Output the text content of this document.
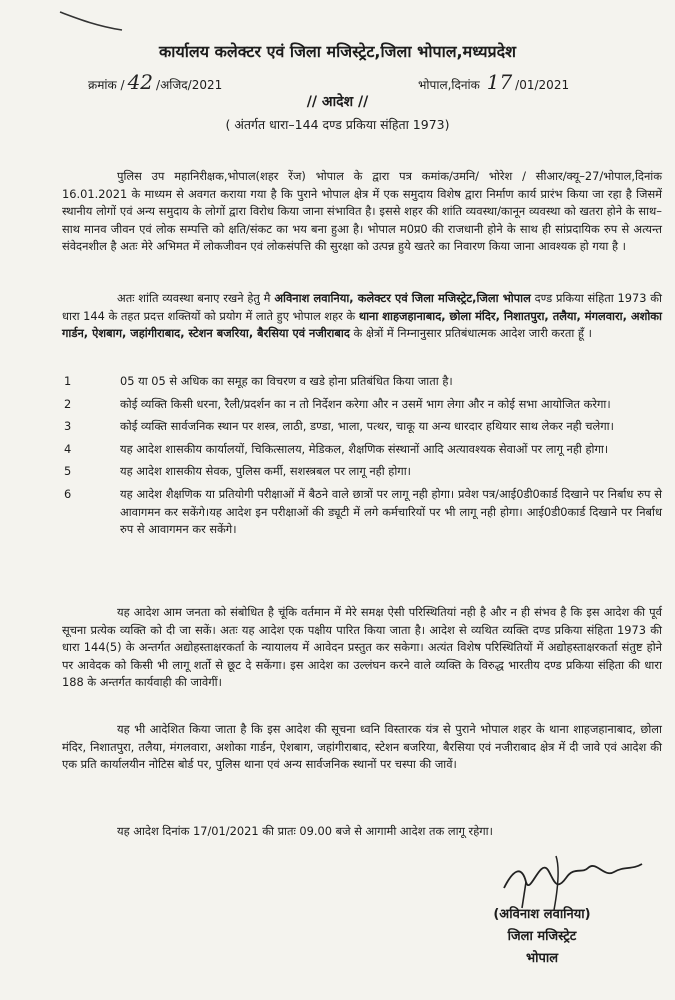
कार्यालय कलेक्टर एवं जिला मजिस्ट्रेट,जिला भोपाल,मध्यप्रदेश
क्रमांक / 42 /अजिद/2021	भोपाल,दिनांक 17 /01/2021
// आदेश //
( अंतर्गत धारा–144 दण्ड प्रकिया संहिता 1973)

पुलिस उप महानिरीक्षक,भोपाल(शहर रेंज) भोपाल के द्वारा पत्र कमांक/उमनि/ भोरेश / सीआर/क्यू–27/भोपाल,दिनांक 16.01.2021 के माध्यम से अवगत कराया गया है कि पुराने भोपाल क्षेत्र में एक समुदाय विशेष द्वारा निर्माण कार्य प्रारंभ किया जा रहा है जिसमें स्थानीय लोगों एवं अन्य समुदाय के लोगों द्वारा विरोध किया जाना संभावित है। इससे शहर की शांति व्यवस्था/कानून व्यवस्था को खतरा होने के साथ–साथ मानव जीवन एवं लोक सम्पत्ति को क्षति/संकट का भय बना हुआ है। भोपाल म0प्र0 की राजधानी होने के साथ ही सांप्रदायिक रुप से अत्यन्त संवेदनशील है अतः मेरे अभिमत में लोकजीवन एवं लोकसंपत्ति की सुरक्षा को उत्पन्न हुये खतरे का निवारण किया जाना आवश्यक हो गया है ।

अतः शांति व्यवस्था बनाए रखने हेतु मै अविनाश लवानिया, कलेक्टर एवं जिला मजिस्ट्रेट,जिला भोपाल दण्ड प्रकिया संहिता 1973 की धारा 144 के तहत प्रदत्त शक्तियों को प्रयोग में लाते हुए भोपाल शहर के थाना शाहजहानाबाद, छोला मंदिर, निशातपुरा, तलैया, मंगलवारा, अशोका गार्डन, ऐशबाग, जहांगीराबाद, स्टेशन बजरिया, बैरसिया एवं नजीराबाद के क्षेत्रों में निम्नानुसार प्रतिबंधात्मक आदेश जारी करता हूँ ।

1	05 या 05 से अधिक का समूह का विचरण व खडे होना प्रतिबंधित किया जाता है।
2	कोई व्यक्ति किसी धरना, रैली/प्रदर्शन का न तो निर्देशन करेगा और न उसमें भाग लेगा और न कोई सभा आयोजित करेगा।
3	कोई व्यक्ति सार्वजनिक स्थान पर शस्त्र, लाठी, डण्डा, भाला, पत्थर, चाकू या अन्य धारदार हथियार साथ लेकर नही चलेगा।
4	यह आदेश शासकीय कार्यालयों, चिकित्सालय, मेडिकल, शैक्षणिक संस्थानों आदि अत्यावश्यक सेवाओं पर लागू नही होगा।
5	यह आदेश शासकीय सेवक, पुलिस कर्मी, सशस्त्रबल पर लागू नही होगा।
6	यह आदेश शैक्षणिक या प्रतियोगी परीक्षाओं में बैठने वाले छात्रों पर लागू नही होगा। प्रवेश पत्र/आई0डी0कार्ड दिखाने पर निर्बाध रुप से आवागमन कर सकेंगे।यह आदेश इन परीक्षाओं की ड्यूटी में लगे कर्मचारियों पर भी लागू नही होगा। आई0डी0कार्ड दिखाने पर निर्बाध रुप से आवागमन कर सकेंगे।

यह आदेश आम जनता को संबोधित है चूंकि वर्तमान में मेरे समक्ष ऐसी परिस्थितियां नही है और न ही संभव है कि इस आदेश की पूर्व सूचना प्रत्येक व्यक्ति को दी जा सकें। अतः यह आदेश एक पक्षीय पारित किया जाता है। आदेश से व्यथित व्यक्ति दण्ड प्रकिया संहिता 1973 की धारा 144(5) के अन्तर्गत अद्योहस्ताक्षरकर्ता के न्यायालय में आवेदन प्रस्तुत कर सकेगा। अत्यंत विशेष परिस्थितियों में अद्योहस्ताक्षरकर्ता संतुष्ट होने पर आवेदक को किसी भी लागू शर्तो से छूट दे सकेंगा। इस आदेश का उल्लंघन करने वाले व्यक्ति के विरुद्ध भारतीय दण्ड प्रकिया संहिता की धारा 188 के अन्तर्गत कार्यवाही की जावेगीं।

यह भी आदेशित किया जाता है कि इस आदेश की सूचना ध्वनि विस्तारक यंत्र से पुराने भोपाल शहर के थाना शाहजहानाबाद, छोला मंदिर, निशातपुरा, तलैया, मंगलवारा, अशोका गार्डन, ऐशबाग, जहांगीराबाद, स्टेशन बजरिया, बैरसिया एवं नजीराबाद क्षेत्र में दी जावे एवं आदेश की एक प्रति कार्यालयीन नोटिस बोर्ड पर, पुलिस थाना एवं अन्य सार्वजनिक स्थानों पर चस्पा की जावें।

यह आदेश दिनांक 17/01/2021 की प्रातः 09.00 बजे से आगामी आदेश तक लागू रहेगा।

(अविनाश लवानिया)
जिला मजिस्ट्रेट
भोपाल
